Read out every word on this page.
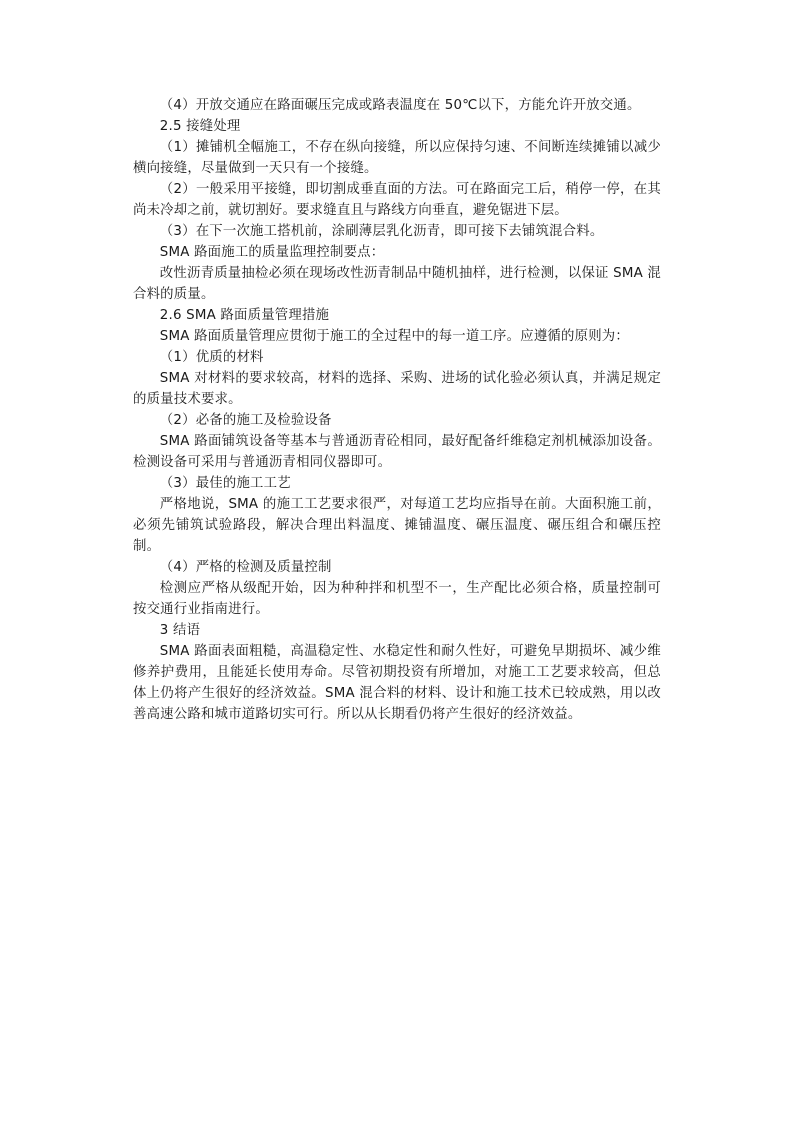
（4）开放交通应在路面碾压完成或路表温度在 50℃以下，方能允许开放交通。

2.5 接缝处理

（1）摊铺机全幅施工，不存在纵向接缝，所以应保持匀速、不间断连续摊铺以减少横向接缝，尽量做到一天只有一个接缝。

（2）一般采用平接缝，即切割成垂直面的方法。可在路面完工后，稍停一停，在其尚未冷却之前，就切割好。要求缝直且与路线方向垂直，避免锯进下层。

（3）在下一次施工搭机前，涂刷薄层乳化沥青，即可接下去铺筑混合料。

SMA 路面施工的质量监理控制要点：

改性沥青质量抽检必须在现场改性沥青制品中随机抽样，进行检测，以保证 SMA 混合料的质量。

2.6 SMA 路面质量管理措施

SMA 路面质量管理应贯彻于施工的全过程中的每一道工序。应遵循的原则为：

（1）优质的材料

SMA 对材料的要求较高，材料的选择、采购、进场的试化验必须认真，并满足规定的质量技术要求。

（2）必备的施工及检验设备

SMA 路面铺筑设备等基本与普通沥青砼相同，最好配备纤维稳定剂机械添加设备。检测设备可采用与普通沥青相同仪器即可。

（3）最佳的施工工艺

严格地说，SMA 的施工工艺要求很严，对每道工艺均应指导在前。大面积施工前，必须先铺筑试验路段，解决合理出料温度、摊铺温度、碾压温度、碾压组合和碾压控制。

（4）严格的检测及质量控制

检测应严格从级配开始，因为种种拌和机型不一，生产配比必须合格，质量控制可按交通行业指南进行。

3 结语

SMA 路面表面粗糙，高温稳定性、水稳定性和耐久性好，可避免早期损坏、减少维修养护费用，且能延长使用寿命。尽管初期投资有所增加，对施工工艺要求较高，但总体上仍将产生很好的经济效益。SMA 混合料的材料、设计和施工技术已较成熟，用以改善高速公路和城市道路切实可行。所以从长期看仍将产生很好的经济效益。
